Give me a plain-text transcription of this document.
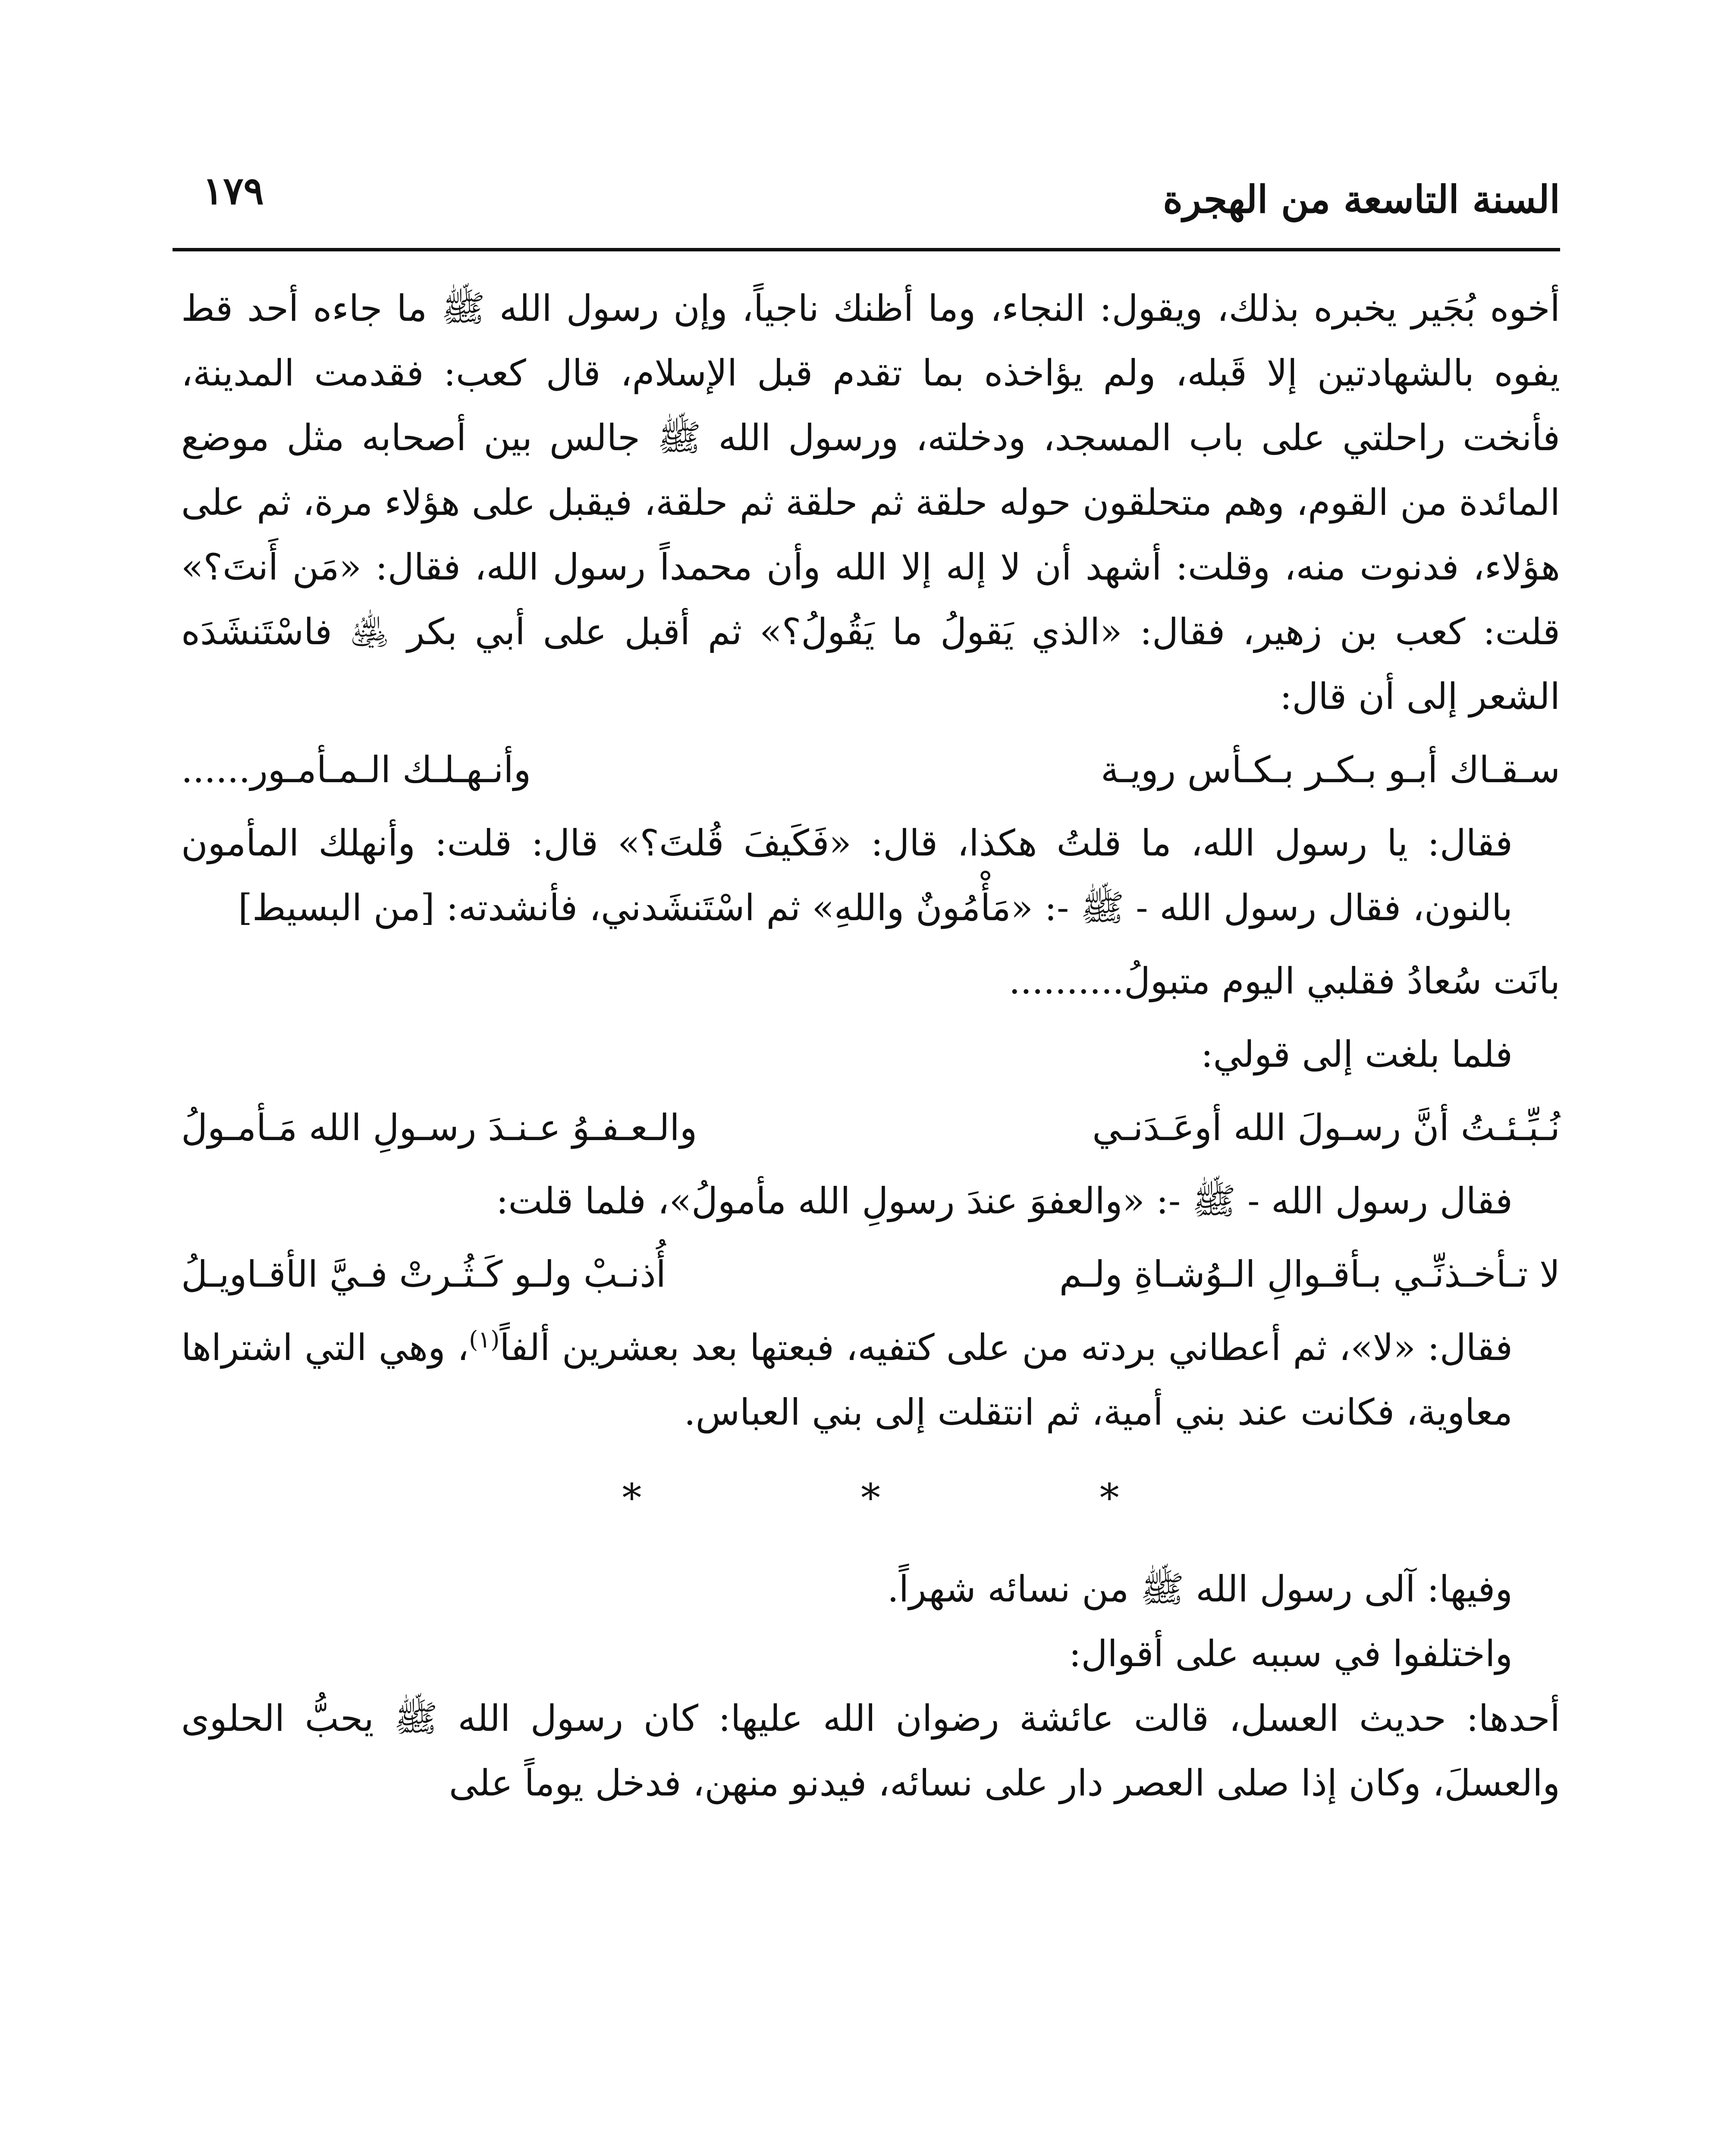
السنة التاسعة من الهجرة
١٧٩

أخوه بُجَير يخبره بذلك، ويقول: النجاء، وما أظنك ناجياً، وإن رسول الله ﷺ ما جاءه أحد قط يفوه بالشهادتين إلا قَبله، ولم يؤاخذه بما تقدم قبل الإسلام، قال كعب: فقدمت المدينة، فأنخت راحلتي على باب المسجد، ودخلته، ورسول الله ﷺ جالس بين أصحابه مثل موضع المائدة من القوم، وهم متحلقون حوله حلقة ثم حلقة ثم حلقة، فيقبل على هؤلاء مرة، ثم على هؤلاء، فدنوت منه، وقلت: أشهد أن لا إله إلا الله وأن محمداً رسول الله، فقال: «مَن أَنتَ؟» قلت: كعب بن زهير، فقال: «الذي يَقولُ ما يَقُولُ؟» ثم أقبل على أبي بكر ﵁ فاسْتَنشَدَه الشعر إلى أن قال:

سـقـاك أبـو بـكـر بـكـأس رويـة
وأنـهـلـك الـمـأمـور......

فقال: يا رسول الله، ما قلتُ هكذا، قال: «فَكَيفَ قُلتَ؟» قال: قلت: وأنهلك المأمون بالنون، فقال رسول الله - ﷺ -: «مَأْمُونٌ واللهِ» ثم اسْتَنشَدني، فأنشدته: [من البسيط]

بانَت سُعادُ فقلبي اليوم متبولُ..........

فلما بلغت إلى قولي:

نُـبِّـئـتُ أنَّ رسـولَ الله أوعَـدَنـي
والـعـفـوُ عـنـدَ رسـولِ الله مَـأمـولُ

فقال رسول الله - ﷺ -: «والعفوَ عندَ رسولِ الله مأمولُ»، فلما قلت:

لا تـأخـذنِّـي بـأقـوالِ الـوُشـاةِ ولـم
أُذنـبْ ولـو كَـثُـرتْ فـيَّ الأقـاويـلُ

فقال: «لا»، ثم أعطاني بردته من على كتفيه، فبعتها بعد بعشرين ألفاً$^{(١)}$، وهي التي اشتراها معاوية، فكانت عند بني أمية، ثم انتقلت إلى بني العباس.

* * *

وفيها: آلى رسول الله ﷺ من نسائه شهراً.

واختلفوا في سببه على أقوال:

أحدها: حديث العسل، قالت عائشة رضوان الله عليها: كان رسول الله ﷺ يحبُّ الحلوى والعسلَ، وكان إذا صلى العصر دار على نسائه، فيدنو منهن، فدخل يوماً على
